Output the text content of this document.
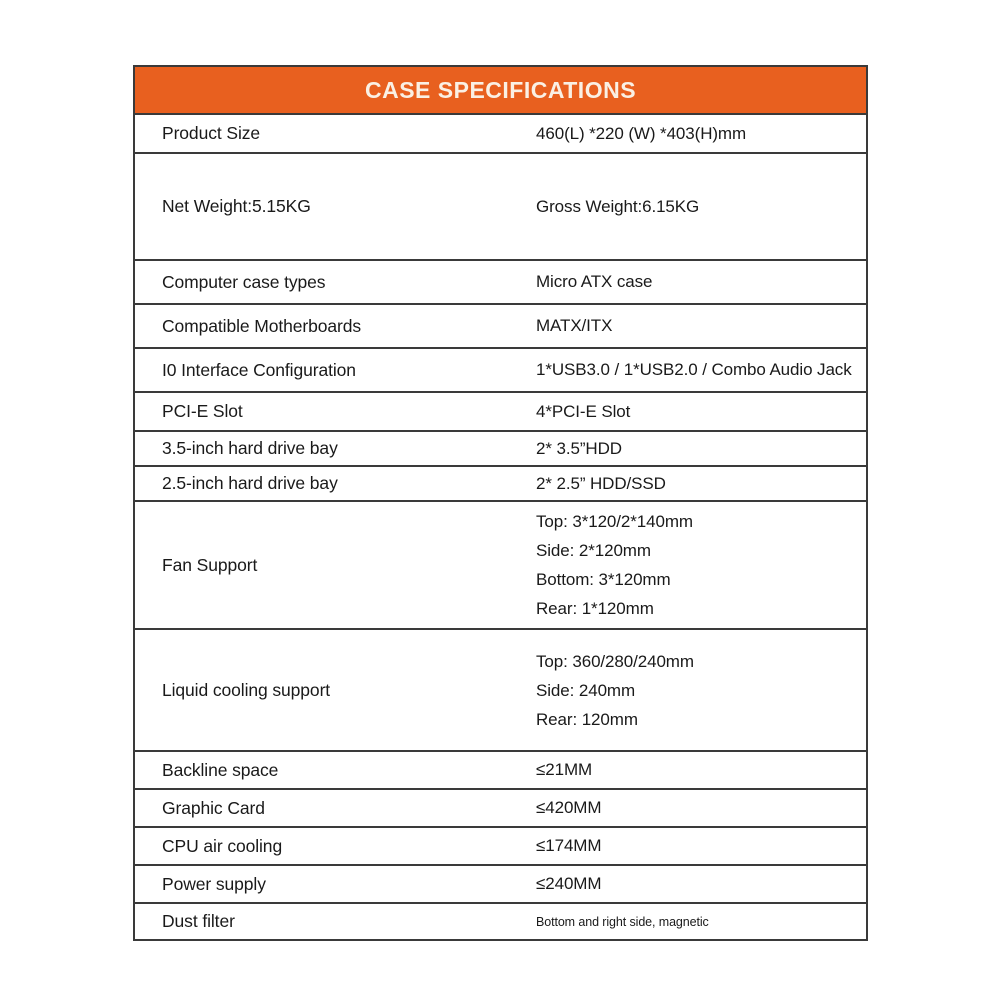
CASE SPECIFICATIONS	

Product Size	460(L) *220 (W) *403(H)mm
Net Weight:5.15KG	Gross Weight:6.15KG
Computer case types	Micro ATX case
Compatible Motherboards	MATX/ITX
I0 Interface Configuration	1*USB3.0 / 1*USB2.0 / Combo Audio Jack
PCI-E Slot	4*PCI-E Slot
3.5-inch hard drive bay	2* 3.5”HDD
2.5-inch hard drive bay	2* 2.5” HDD/SSD
Fan Support	Top: 3*120/2*140mm
Side: 2*120mm
Bottom: 3*120mm
Rear: 1*120mm

Liquid cooling support	Top: 360/280/240mm
Side: 240mm
Rear: 120mm

Backline space	≤21MM
Graphic Card	≤420MM
CPU air cooling	≤174MM
Power supply	≤240MM
Dust filter	Bottom and right side, magnetic
